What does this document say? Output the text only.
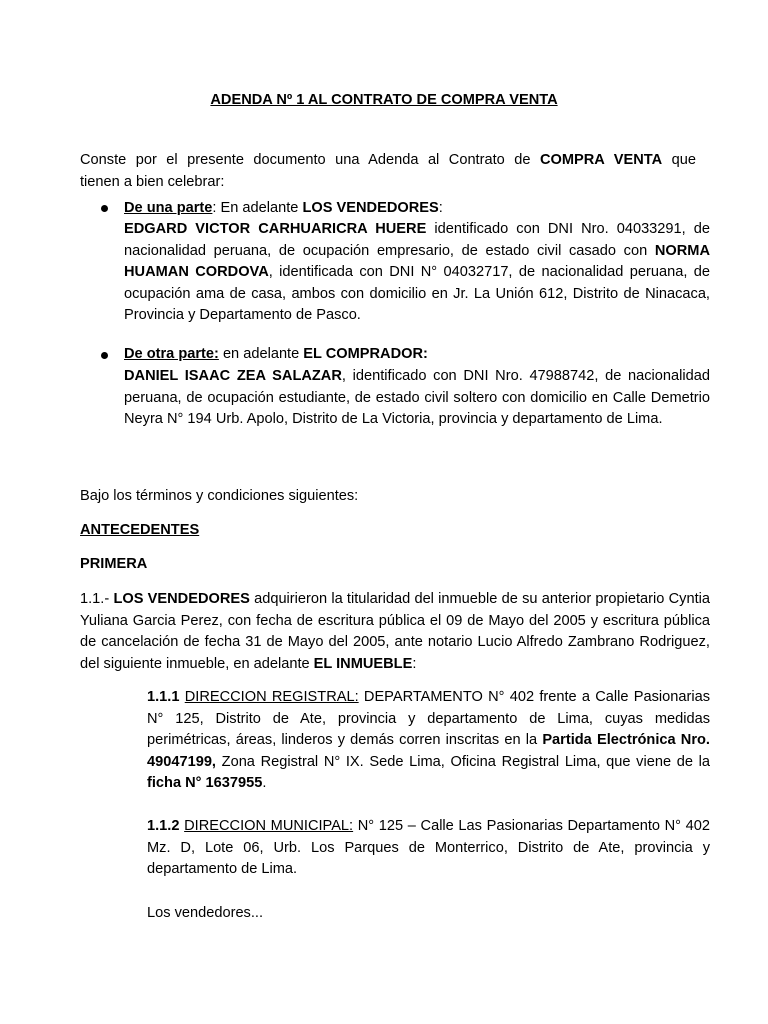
ADENDA Nº 1 AL CONTRATO DE COMPRA VENTA
Conste por el presente documento una Adenda al Contrato de COMPRA VENTA que
tienen a bien celebrar:
De una parte: En adelante LOS VENDEDORES:
EDGARD VICTOR CARHUARICRA HUERE identificado con DNI Nro. 04033291, de nacionalidad peruana, de ocupación empresario, de estado civil casado con NORMA HUAMAN CORDOVA, identificada con DNI N° 04032717, de nacionalidad peruana, de ocupación ama de casa, ambos con domicilio en Jr. La Unión 612, Distrito de Ninacaca, Provincia y Departamento de Pasco.
De otra parte: en adelante EL COMPRADOR:
DANIEL ISAAC ZEA SALAZAR, identificado con DNI Nro. 47988742, de nacionalidad peruana, de ocupación estudiante, de estado civil soltero con domicilio en Calle Demetrio Neyra N° 194 Urb. Apolo, Distrito de La Victoria, provincia y departamento de Lima.
Bajo los términos y condiciones siguientes:
ANTECEDENTES
PRIMERA
1.1.- LOS VENDEDORES adquirieron la titularidad del inmueble de su anterior propietario Cyntia Yuliana Garcia Perez, con fecha de escritura pública el 09 de Mayo del 2005 y escritura pública de cancelación de fecha 31 de Mayo del 2005, ante notario Lucio Alfredo Zambrano Rodriguez, del siguiente inmueble, en adelante EL INMUEBLE:
1.1.1 DIRECCION REGISTRAL: DEPARTAMENTO N° 402 frente a Calle Pasionarias N° 125, Distrito de Ate, provincia y departamento de Lima, cuyas medidas perimétricas, áreas, linderos y demás corren inscritas en la Partida Electrónica Nro. 49047199, Zona Registral N° IX. Sede Lima, Oficina Registral Lima, que viene de la ficha N° 1637955.
1.1.2 DIRECCION MUNICIPAL: N° 125 – Calle Las Pasionarias Departamento N° 402 Mz. D, Lote 06, Urb. Los Parques de Monterrico, Distrito de Ate, provincia y departamento de Lima.
Los vendedores...
